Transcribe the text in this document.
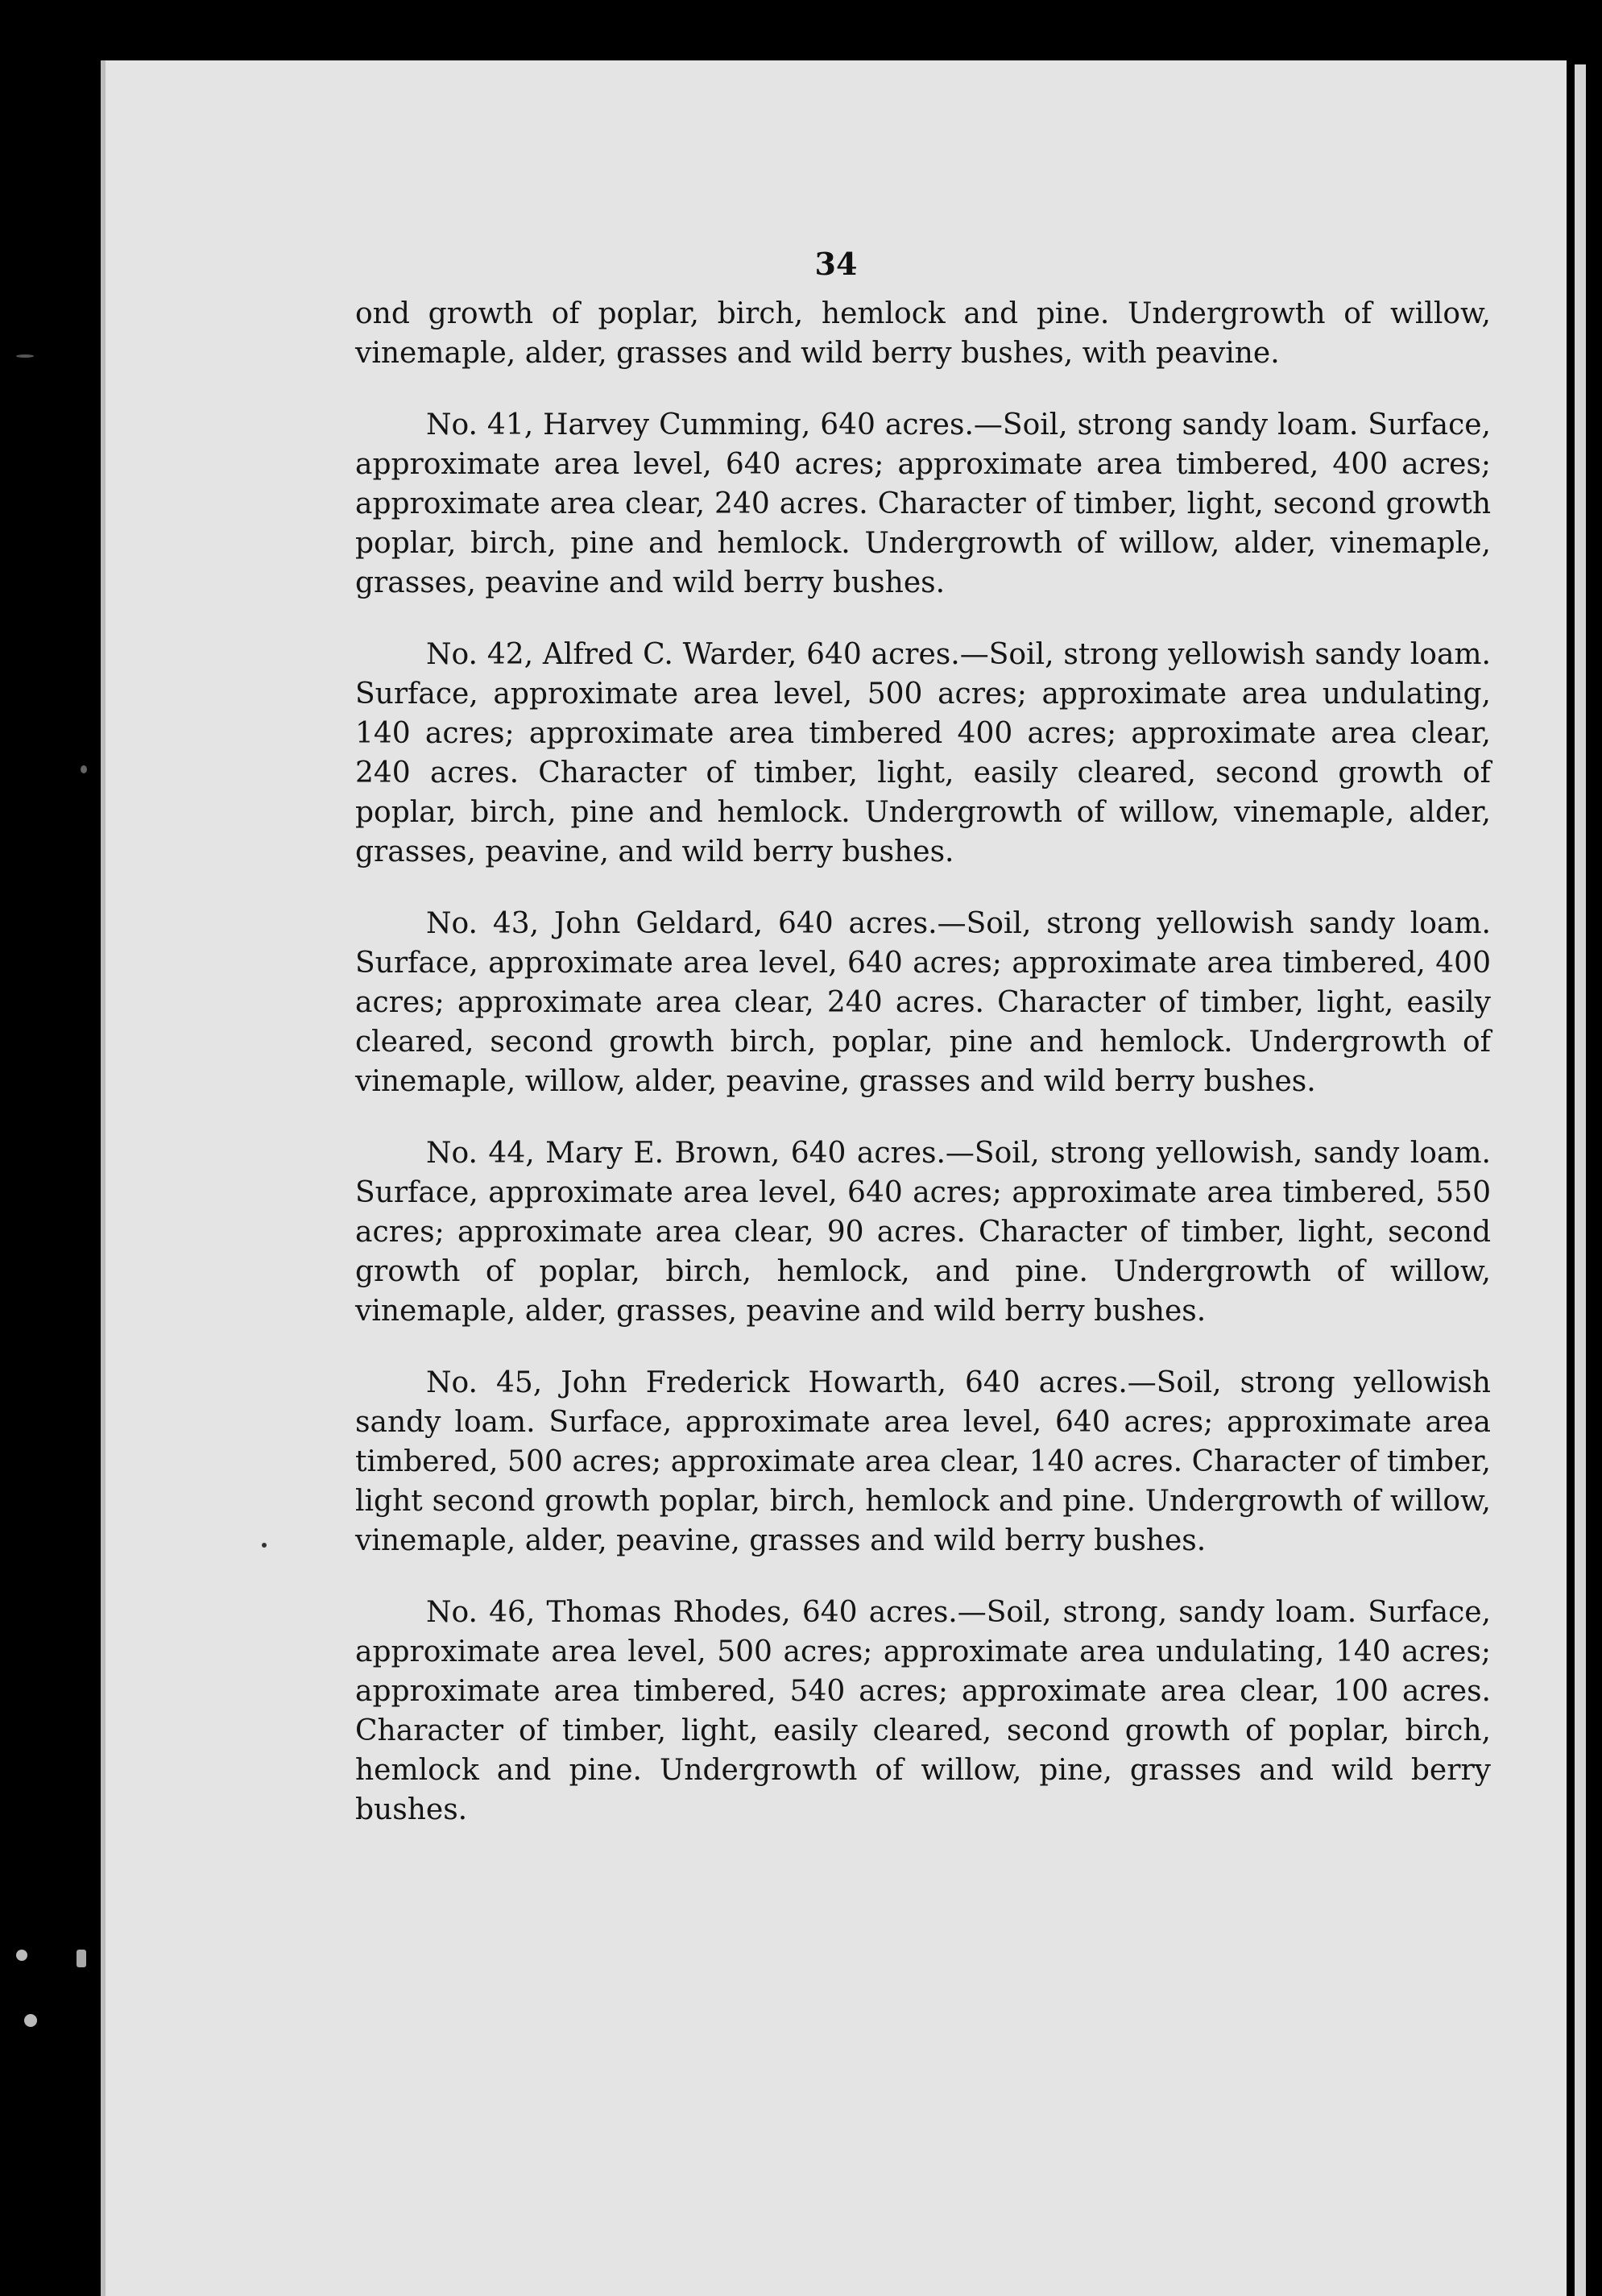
34

ond growth of poplar, birch, hemlock and pine. Undergrowth of willow, vinemaple, alder, grasses and wild berry bushes, with peavine.

No. 41, Harvey Cumming, 640 acres.—Soil, strong sandy loam. Surface, approximate area level, 640 acres; approximate area timbered, 400 acres; approximate area clear, 240 acres. Character of timber, light, second growth poplar, birch, pine and hemlock. Undergrowth of willow, alder, vinemaple, grasses, peavine and wild berry bushes.

No. 42, Alfred C. Warder, 640 acres.—Soil, strong yellowish sandy loam. Surface, approximate area level, 500 acres; approximate area undulating, 140 acres; approximate area timbered 400 acres; approximate area clear, 240 acres. Character of timber, light, easily cleared, second growth of poplar, birch, pine and hemlock. Undergrowth of willow, vinemaple, alder, grasses, peavine, and wild berry bushes.

No. 43, John Geldard, 640 acres.—Soil, strong yellowish sandy loam. Surface, approximate area level, 640 acres; approximate area timbered, 400 acres; approximate area clear, 240 acres. Character of timber, light, easily cleared, second growth birch, poplar, pine and hemlock. Undergrowth of vinemaple, willow, alder, peavine, grasses and wild berry bushes.

No. 44, Mary E. Brown, 640 acres.—Soil, strong yellowish, sandy loam. Surface, approximate area level, 640 acres; approximate area timbered, 550 acres; approximate area clear, 90 acres. Character of timber, light, second growth of poplar, birch, hemlock, and pine. Undergrowth of willow, vinemaple, alder, grasses, peavine and wild berry bushes.

No. 45, John Frederick Howarth, 640 acres.—Soil, strong yellowish sandy loam. Surface, approximate area level, 640 acres; approximate area timbered, 500 acres; approximate area clear, 140 acres. Character of timber, light second growth poplar, birch, hemlock and pine. Undergrowth of willow, vinemaple, alder, peavine, grasses and wild berry bushes.

No. 46, Thomas Rhodes, 640 acres.—Soil, strong, sandy loam. Surface, approximate area level, 500 acres; approximate area undulating, 140 acres; approximate area timbered, 540 acres; approximate area clear, 100 acres. Character of timber, light, easily cleared, second growth of poplar, birch, hemlock and pine. Undergrowth of willow, pine, grasses and wild berry bushes.
